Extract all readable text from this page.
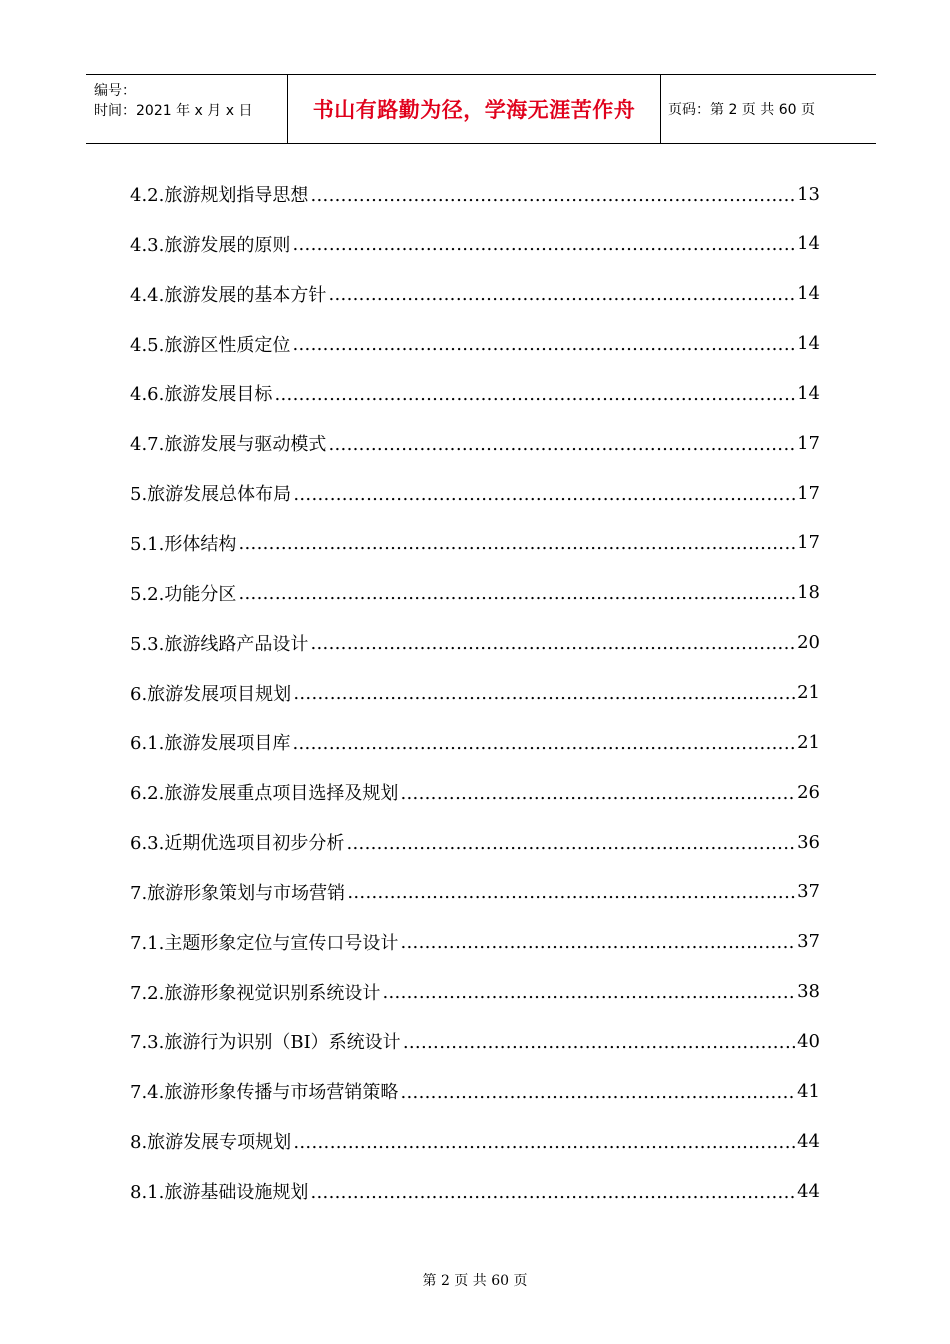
编号：
时间：2021 年 x 月 x 日	书山有路勤为径，学海无涯苦作舟	页码：第 2 页 共 60 页
4.2.旅游规划指导思想 ……………………………………………………………………………………………………………………………………………………………………………………………………………………………………	13
4.3.旅游发展的原则 ……………………………………………………………………………………………………………………………………………………………………………………………………………………………………	14
4.4.旅游发展的基本方针 ……………………………………………………………………………………………………………………………………………………………………………………………………………………………………	14
4.5.旅游区性质定位 ……………………………………………………………………………………………………………………………………………………………………………………………………………………………………	14
4.6.旅游发展目标 ……………………………………………………………………………………………………………………………………………………………………………………………………………………………………	14
4.7.旅游发展与驱动模式 ……………………………………………………………………………………………………………………………………………………………………………………………………………………………………	17
5.旅游发展总体布局 ……………………………………………………………………………………………………………………………………………………………………………………………………………………………………	17
5.1.形体结构 ……………………………………………………………………………………………………………………………………………………………………………………………………………………………………	17
5.2.功能分区 ……………………………………………………………………………………………………………………………………………………………………………………………………………………………………	18
5.3.旅游线路产品设计 ……………………………………………………………………………………………………………………………………………………………………………………………………………………………………	20
6.旅游发展项目规划 ……………………………………………………………………………………………………………………………………………………………………………………………………………………………………	21
6.1.旅游发展项目库 ……………………………………………………………………………………………………………………………………………………………………………………………………………………………………	21
6.2.旅游发展重点项目选择及规划 ……………………………………………………………………………………………………………………………………………………………………………………………………………………………………	26
6.3.近期优选项目初步分析 ……………………………………………………………………………………………………………………………………………………………………………………………………………………………………	36
7.旅游形象策划与市场营销 ……………………………………………………………………………………………………………………………………………………………………………………………………………………………………	37
7.1.主题形象定位与宣传口号设计 ……………………………………………………………………………………………………………………………………………………………………………………………………………………………………	37
7.2.旅游形象视觉识别系统设计 ……………………………………………………………………………………………………………………………………………………………………………………………………………………………………	38
7.3.旅游行为识别（BI）系统设计 ……………………………………………………………………………………………………………………………………………………………………………………………………………………………………	40
7.4.旅游形象传播与市场营销策略 ……………………………………………………………………………………………………………………………………………………………………………………………………………………………………	41
8.旅游发展专项规划 ……………………………………………………………………………………………………………………………………………………………………………………………………………………………………	44
8.1.旅游基础设施规划 ……………………………………………………………………………………………………………………………………………………………………………………………………………………………………	44
第 2 页 共 60 页
